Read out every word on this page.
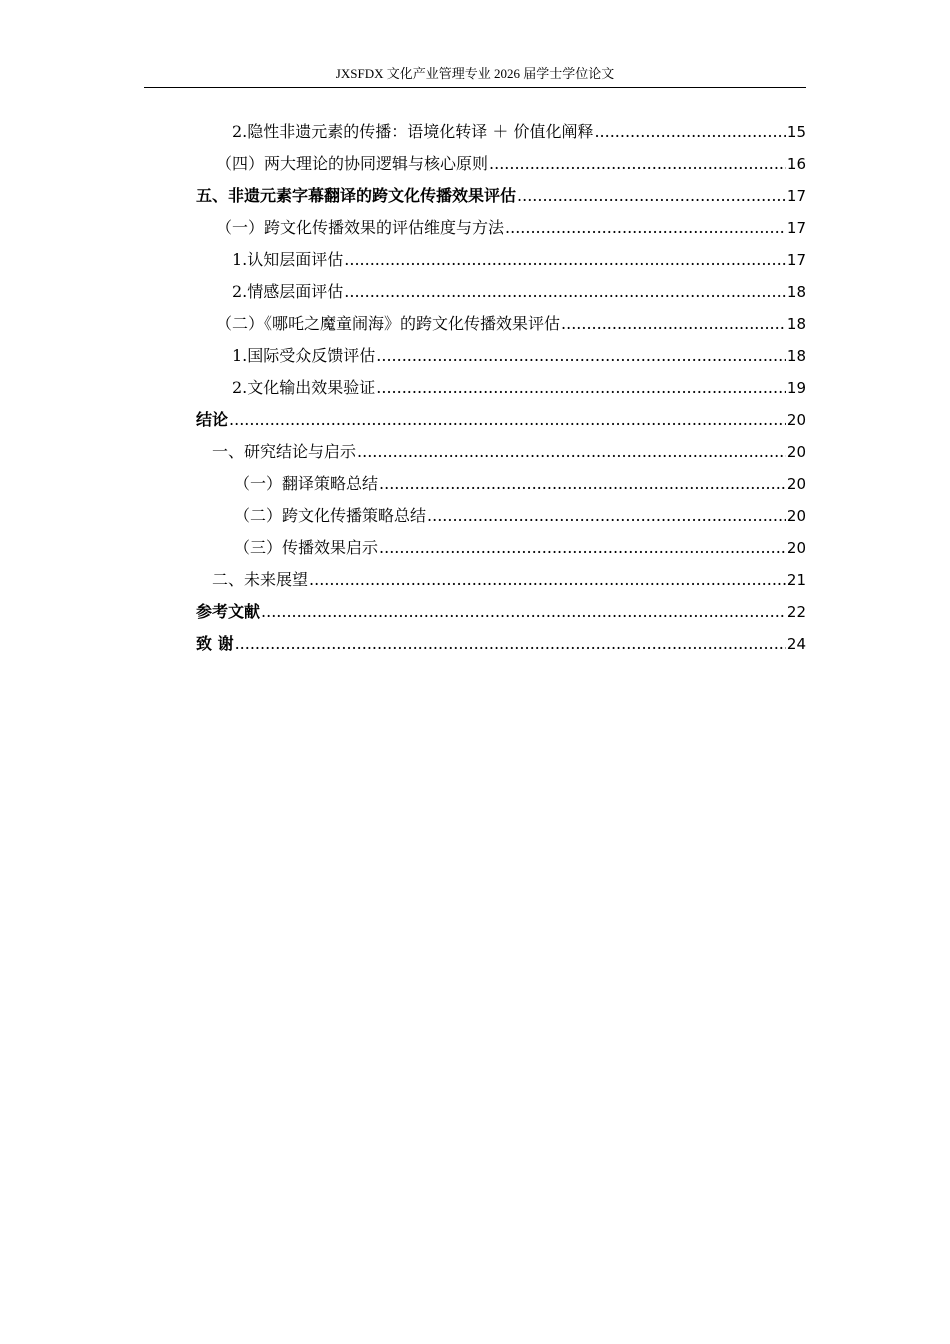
JXSFDX 文化产业管理专业 2026 届学士学位论文
2.隐性非遗元素的传播：语境化转译 ＋ 价值化阐释 .....	15
（四）两大理论的协同逻辑与核心原则 .....	16
五、非遗元素字幕翻译的跨文化传播效果评估 .....	17
（一）跨文化传播效果的评估维度与方法 .....	17
1.认知层面评估 .....	17
2.情感层面评估 .....	18
（二）《哪吒之魔童闹海》的跨文化传播效果评估 .....	18
1.国际受众反馈评估 .....	18
2.文化输出效果验证 .....	19
结论 .....	20
一、研究结论与启示 .....	20
（一）翻译策略总结 .....	20
（二）跨文化传播策略总结 .....	20
（三）传播效果启示 .....	20
二、未来展望 .....	21
参考文献 .....	22
致 谢 .....	24
